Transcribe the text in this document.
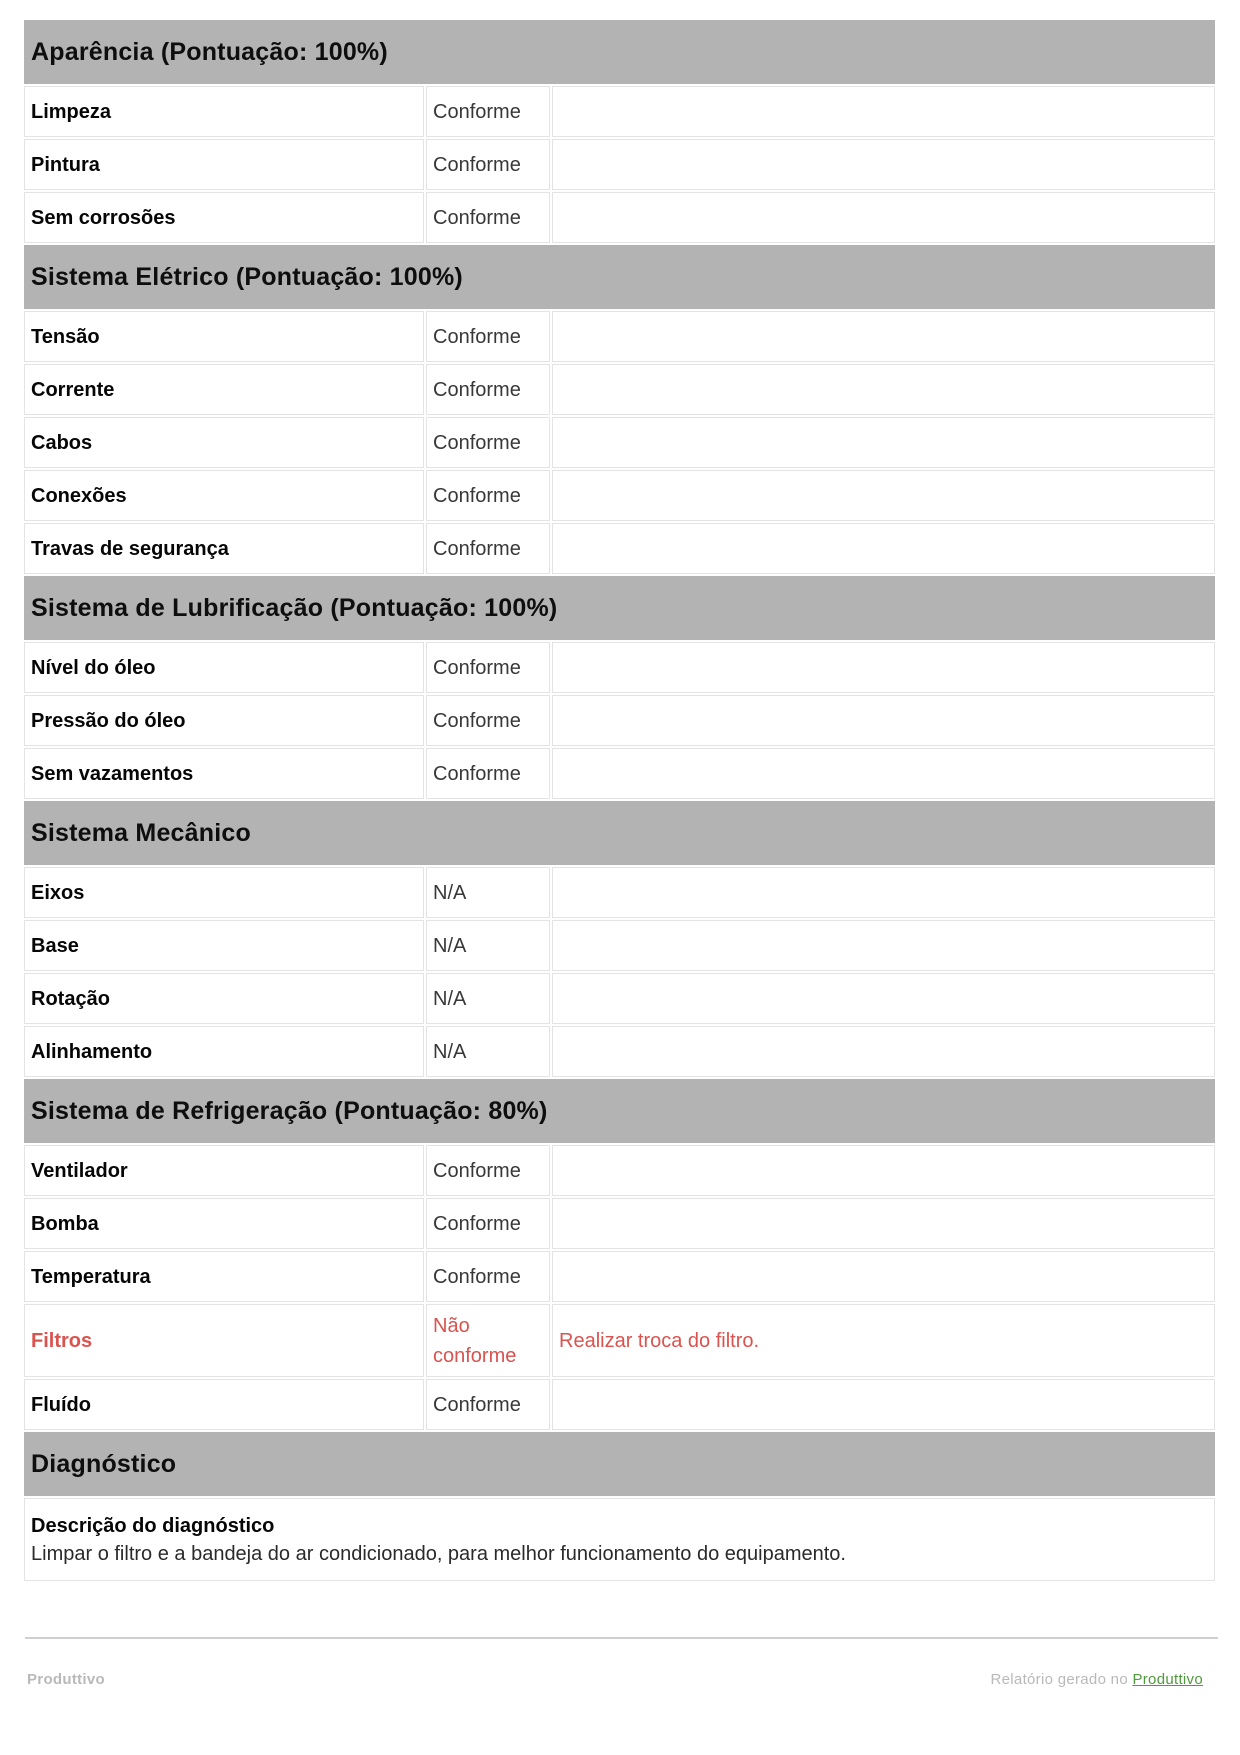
Aparência (Pontuação: 100%)		
Limpeza	Conforme	
Pintura	Conforme	
Sem corrosões	Conforme	
Sistema Elétrico (Pontuação: 100%)		
Tensão	Conforme	
Corrente	Conforme	
Cabos	Conforme	
Conexões	Conforme	
Travas de segurança	Conforme	
Sistema de Lubrificação (Pontuação: 100%)		
Nível do óleo	Conforme	
Pressão do óleo	Conforme	
Sem vazamentos	Conforme	
Sistema Mecânico		
Eixos	N/A	
Base	N/A	
Rotação	N/A	
Alinhamento	N/A	
Sistema de Refrigeração (Pontuação: 80%)		
Ventilador	Conforme	
Bomba	Conforme	
Temperatura	Conforme	
Filtros	Não conforme	Realizar troca do filtro.
Fluído	Conforme	
Diagnóstico		

Descrição do diagnóstico
Limpar o filtro e a bandeja do ar condicionado, para melhor funcionamento do equipamento.		
Produttivo	Relatório gerado no Produttivo
